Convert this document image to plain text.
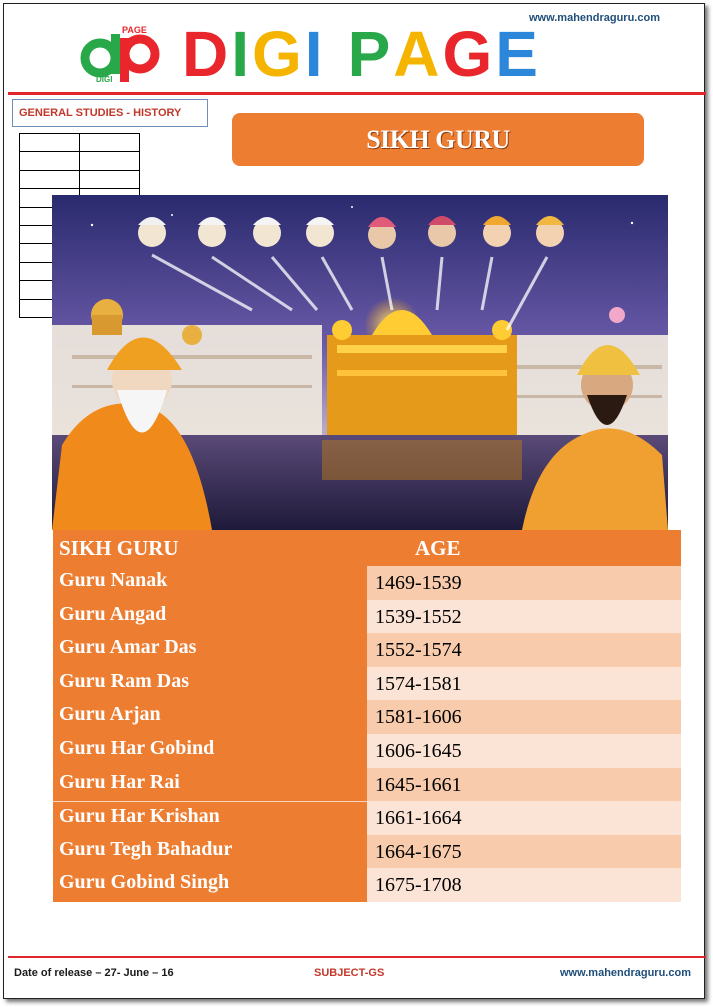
www.mahendraguru.com
PAGE
DIGI DIGI PAGE
GENERAL STUDIES - HISTORY
SIKH GURU

SIKH GURU	AGE
Guru Nanak	1469-1539
Guru Angad	1539-1552
Guru Amar Das	1552-1574
Guru Ram Das	1574-1581
Guru Arjan	1581-1606
Guru Har Gobind	1606-1645
Guru Har Rai	1645-1661
Guru Har Krishan	1661-1664
Guru Tegh Bahadur	1664-1675
Guru Gobind Singh	1675-1708
Date of release – 27- June – 16	SUBJECT-GS	www.mahendraguru.com
